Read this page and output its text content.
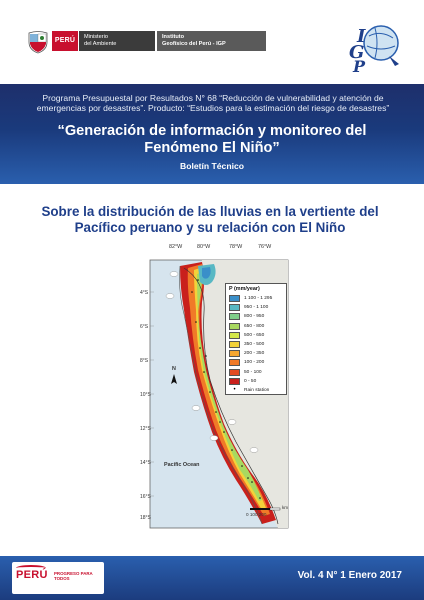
PERÚ	Ministerio
del Ambiente
Instituto
Geofísico del Perú - IGP	I
G
P
Programa Presupuestal por Resultados N° 68 “Reducción de vulnerabilidad y atención de emergencias por desastres”. Producto: “Estudios para la estimación del riesgo de desastres”
“Generación de información y monitoreo del Fenómeno El Niño”
Boletín Técnico
Sobre la distribución de las lluvias en la vertiente del Pacífico peruano y su relación con El Niño
82°W	80°W	78°W	76°W
4°S
6°S
8°S
10°S
12°S
14°S
16°S
18°S
Pacific Ocean
N
0 100 200
km
P (mm/year)
1 100 - 1 295
950 - 1 100
800 - 950
650 - 800
500 - 650
350 - 500
200 - 350
100 - 200
50 - 100
0 - 50
•	Rain station
PERÚ PROGRESO PARA TODOS	Vol. 4 N° 1 Enero 2017
